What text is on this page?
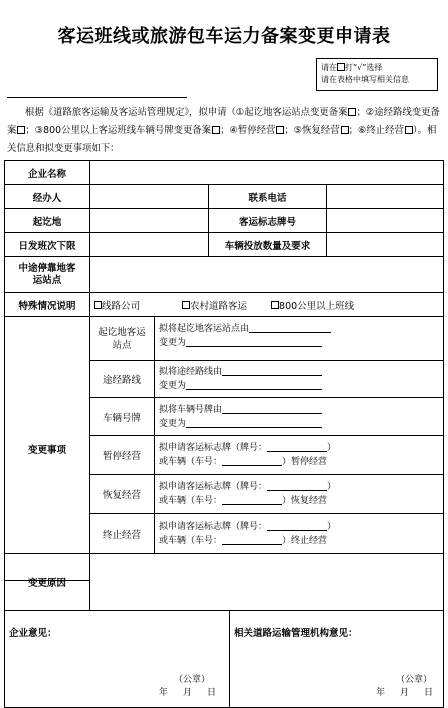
客运班线或旅游包车运力备案变更申请表
请在 打“√”选择
请在表格中填写相关信息
根据《道路旅客运输及客运站管理规定》，拟申请（①起讫地客运站点变更备案 ；②途经路线变更备案 ；③800公里以上客运班线车辆号牌变更备案 ；④暂停经营 ；⑤恢复经营 ；⑥终止经营 ）。相关信息和拟变更事项如下：
企业名称
经办人	联系电话
起讫地	客运标志牌号
日发班次下限	车辆投放数量及要求
中途停靠地客运站点
特殊情况说明	线路公司	农村道路客运	800公里以上班线
变更事项
起讫地客运站点
拟将起讫地客运站点由
变更为
途经路线
拟将途经路线由
变更为
车辆号牌
拟将车辆号牌由
变更为
暂停经营
拟申请客运标志牌（牌号：	）
或车辆（车号：	）暂停经营
恢复经营
拟申请客运标志牌（牌号：	）
或车辆（车号：	）恢复经营
终止经营
拟申请客运标志牌（牌号：	）
或车辆（车号：	）终止经营
变更原因
企业意见：
（公章）
年　月　日
相关道路运输管理机构意见：
（公章）
年　月　日
